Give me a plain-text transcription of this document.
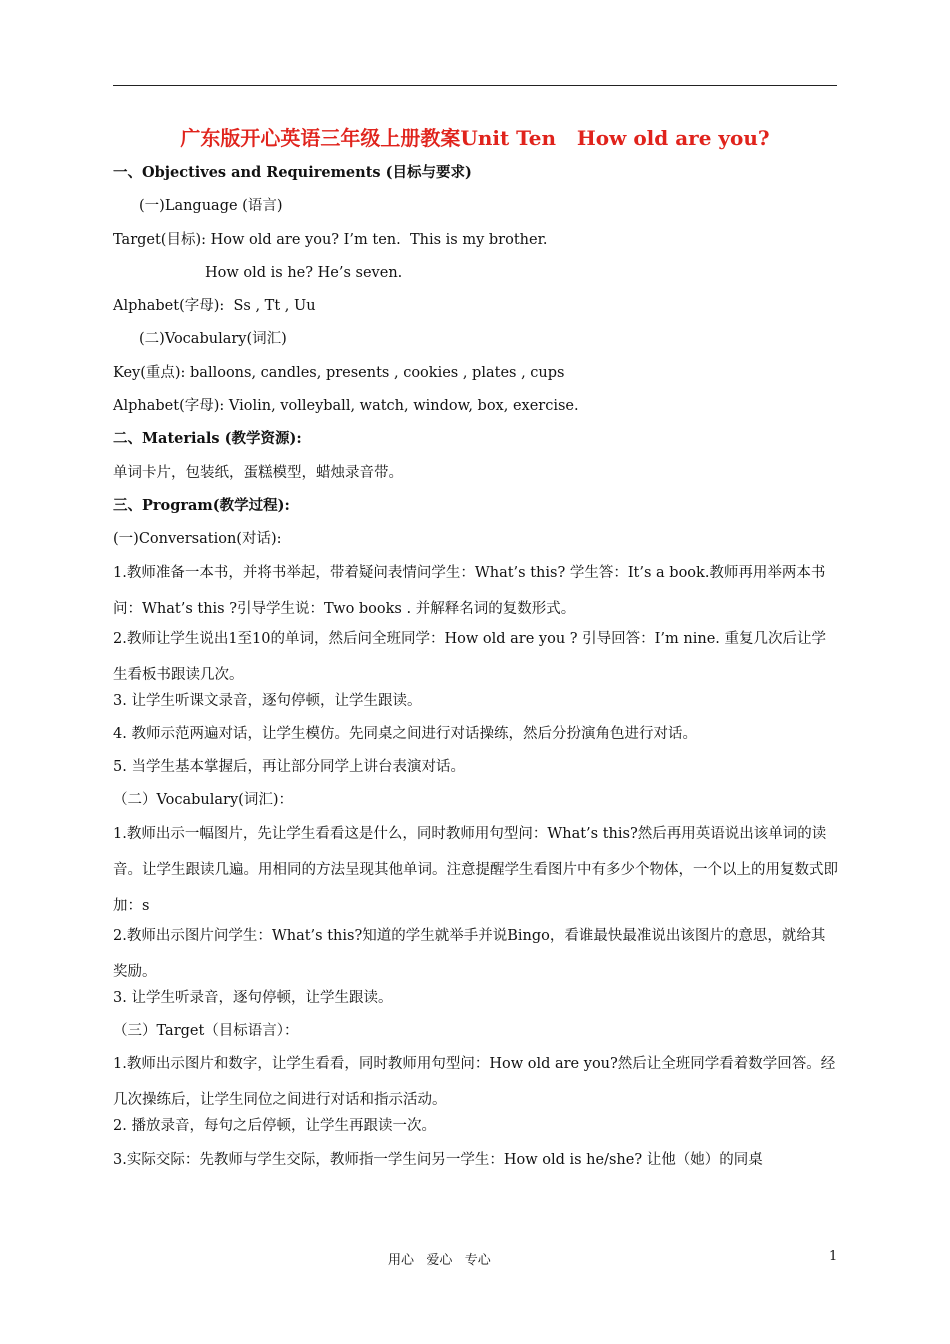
广东版开心英语三年级上册教案Unit Ten   How old are you?
一、Objectives and Requirements (目标与要求)
(一)Language (语言)
Target(目标): How old are you? I’m ten.  This is my brother.
How old is he? He’s seven.
Alphabet(字母):  Ss , Tt , Uu
(二)Vocabulary(词汇)
Key(重点): balloons, candles, presents , cookies , plates , cups
Alphabet(字母): Violin, volleyball, watch, window, box, exercise.
二、Materials (教学资源):
单词卡片，包装纸，蛋糕模型，蜡烛录音带。
三、Program(教学过程):
(一)Conversation(对话):
1.教师准备一本书，并将书举起，带着疑问表情问学生：What’s this? 学生答：It’s a book.教师再用举两本书问：What’s this ?引导学生说：Two books . 并解释名词的复数形式。
2.教师让学生说出1至10的单词，然后问全班同学：How old are you ? 引导回答：I’m nine. 重复几次后让学生看板书跟读几次。
3. 让学生听课文录音，逐句停顿，让学生跟读。
4. 教师示范两遍对话，让学生模仿。先同桌之间进行对话操练，然后分扮演角色进行对话。
5. 当学生基本掌握后，再让部分同学上讲台表演对话。
（二）Vocabulary(词汇)：
1.教师出示一幅图片，先让学生看看这是什么，同时教师用句型问：What’s this?然后再用英语说出该单词的读音。让学生跟读几遍。用相同的方法呈现其他单词。注意提醒学生看图片中有多少个物体，一个以上的用复数式即加：s
2.教师出示图片问学生：What’s this?知道的学生就举手并说Bingo，看谁最快最准说出该图片的意思，就给其奖励。
3. 让学生听录音，逐句停顿，让学生跟读。
（三）Target（目标语言）：
1.教师出示图片和数字，让学生看看，同时教师用句型问：How old are you?然后让全班同学看着数学回答。经几次操练后，让学生同位之间进行对话和指示活动。
2. 播放录音，每句之后停顿，让学生再跟读一次。
3.实际交际：先教师与学生交际，教师指一学生问另一学生：How old is he/she? 让他（她）的同桌
用心   爱心   专心	1
